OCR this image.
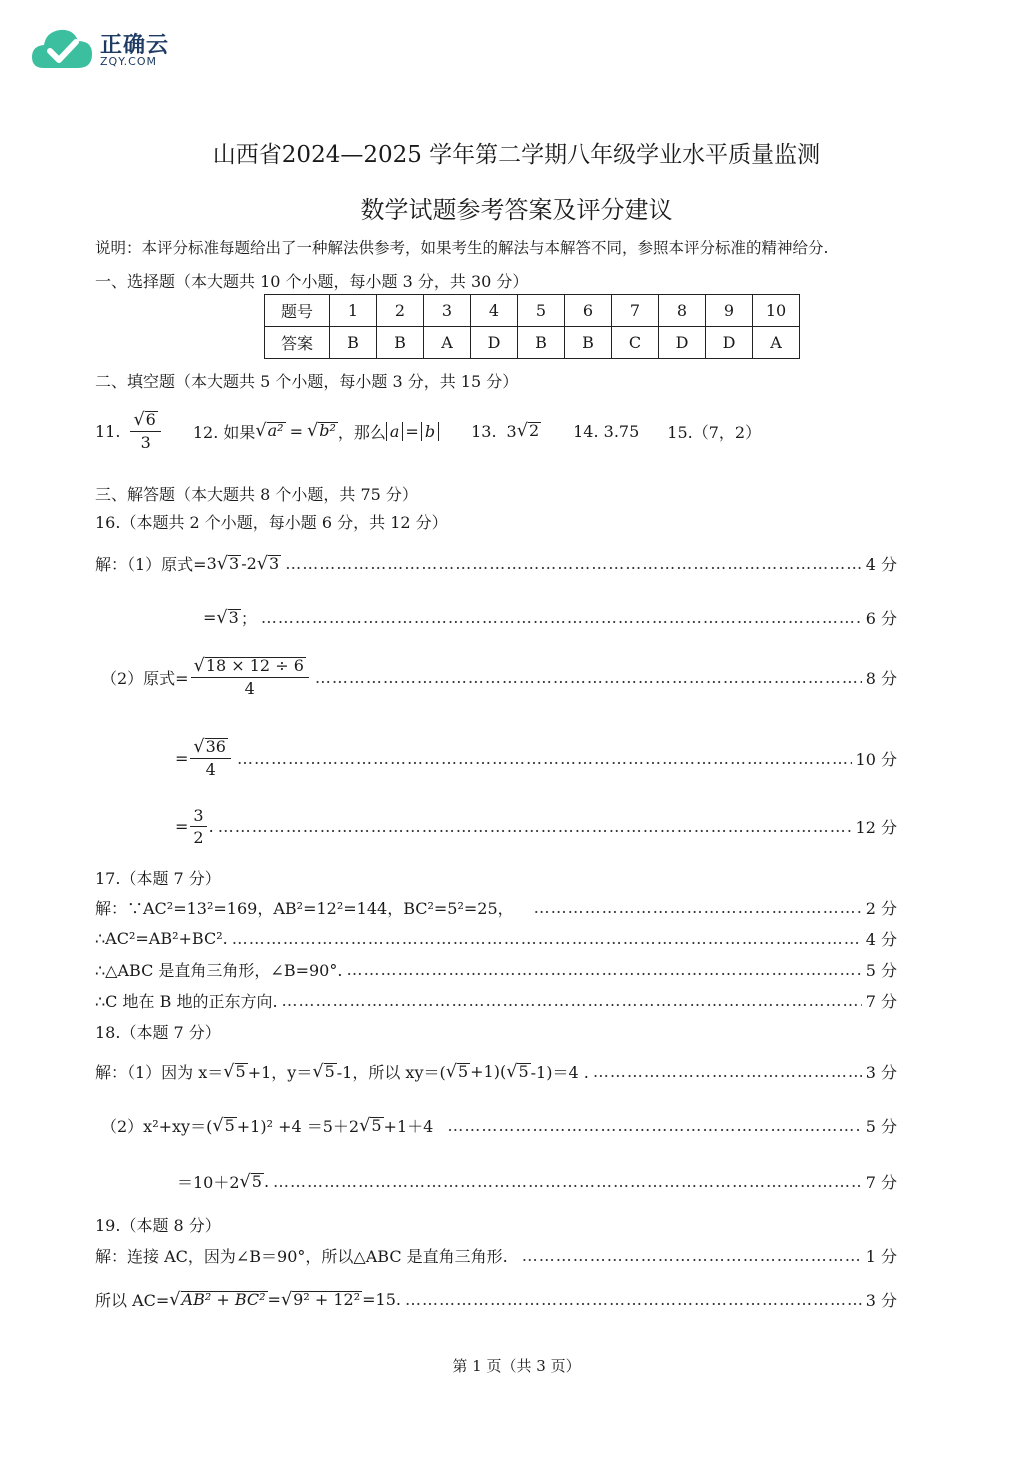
正确云
ZQY.COM
山西省2024—2025 学年第二学期八年级学业水平质量监测
数学试题参考答案及评分建议
说明：本评分标准每题给出了一种解法供参考，如果考生的解法与本解答不同，参照本评分标准的精神给分.
一、选择题（本大题共 10 个小题，每小题 3 分，共 30 分）
题号	1	2	3	4	5	6	7	8	9	10
答案	B	B	A	D	B	B	C	D	D	A
二、填空题（本大题共 5 个小题，每小题 3 分，共 15 分）
11. $\frac{√6}{3} 12$. 如果 √ a² = √ b² ，那么 a = b 13. 3 √ 2 14. 3.75 15.（7，2）
三、解答题（本大题共 8 个小题，共 75 分）
16.（本题共 2 个小题，每小题 6 分，共 12 分）
解：（1）原式= 3 √ 3 -2 √ 3 …………………………………………………………………………………………………………………………………………………………………………	4 分
= √ 3 ； …………………………………………………………………………………………………………………………………………………………………………	6 分
（2）原式= $\frac{√18 \times 12 \div 6}{4}$ …………………………………………………………………………………………………………………………………………………………………………	8 分
= $\frac{√36}{4}$ …………………………………………………………………………………………………………………………………………………………………………	10 分
= $\frac{3}{2}$ . …………………………………………………………………………………………………………………………………………………………………………	12 分
17.（本题 7 分）
解：∵AC²=13²=169，AB²=12²=144，BC²=5²=25， …………………………………………………………………………………………………………………………………………………………………………	2 分
∴AC²=AB²+BC². …………………………………………………………………………………………………………………………………………………………………………	4 分
∴△ABC 是直角三角形，∠B=90°. …………………………………………………………………………………………………………………………………………………………………………	5 分
∴C 地在 B 地的正东方向. …………………………………………………………………………………………………………………………………………………………………………	7 分
18.（本题 7 分）
解：（1）因为 x＝ √ 5 +1，y＝ √ 5 -1，所以 xy＝( √ 5 +1)( √ 5 -1)＝4 . …………………………………………………………………………………………………………………………………………………………………………	3 分
（2）x²+xy＝( √ 5 +1)² +4 ＝5＋2 √ 5 +1＋4 …………………………………………………………………………………………………………………………………………………………………………	5 分
＝10＋2 √ 5 . …………………………………………………………………………………………………………………………………………………………………………	7 分
19.（本题 8 分）
解：连接 AC，因为∠B＝90°，所以△ABC 是直角三角形. …………………………………………………………………………………………………………………………………………………………………………	1 分
所以 AC= √ AB² + BC² = √ 9² + 12² =15. …………………………………………………………………………………………………………………………………………………………………………	3 分
第 1 页（共 3 页）
